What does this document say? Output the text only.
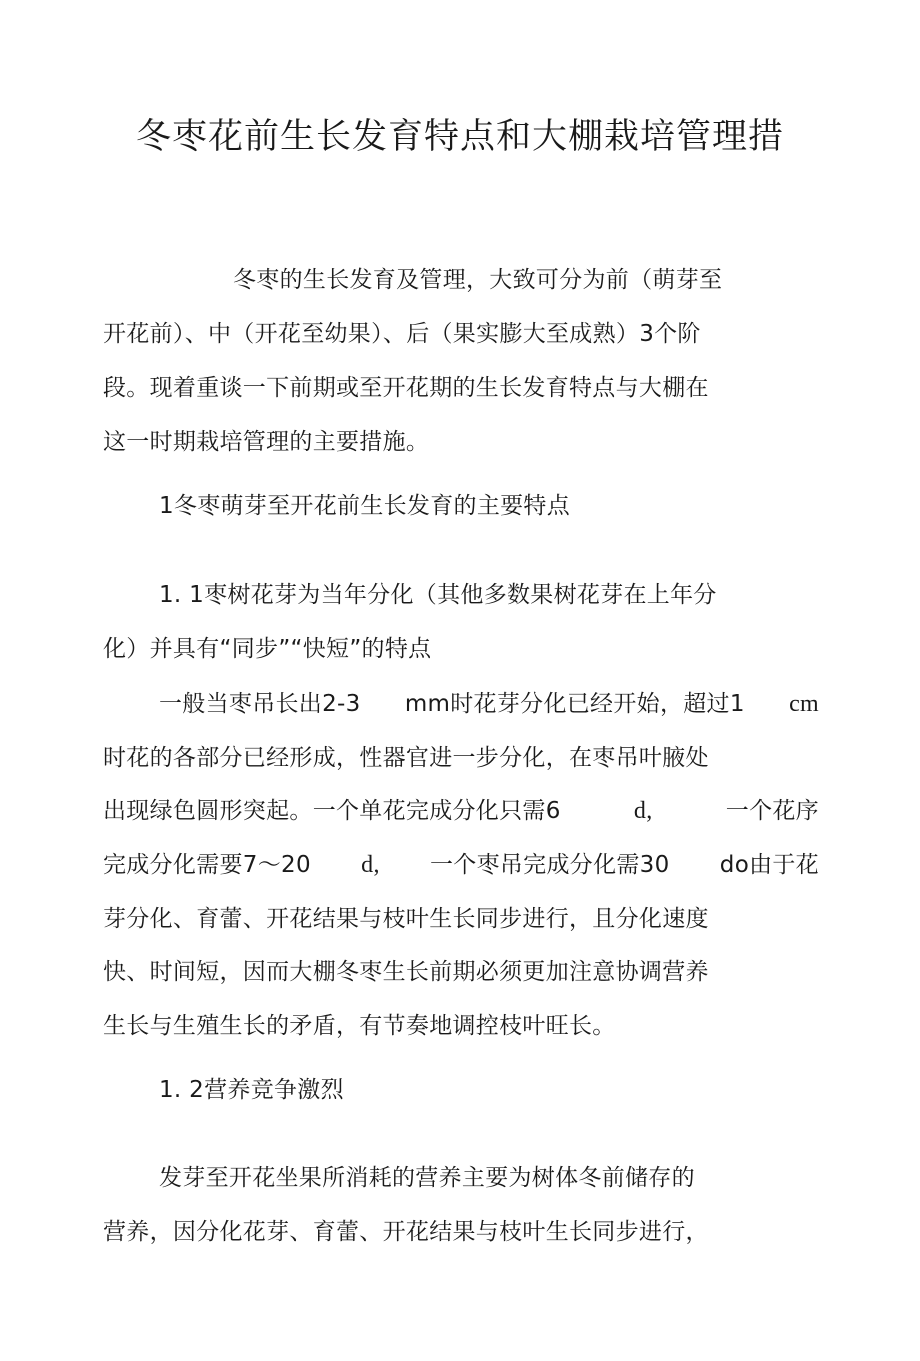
冬枣花前生长发育特点和大棚栽培管理措
冬枣的生长发育及管理，大致可分为前（萌芽至
开花前）、中（开花至幼果）、后（果实膨大至成熟）3个阶
段。现着重谈一下前期或至开花期的生长发育特点与大棚在
这一时期栽培管理的主要措施。
1冬枣萌芽至开花前生长发育的主要特点
1. 1枣树花芽为当年分化（其他多数果树花芽在上年分
化）并具有“同步”“快短”的特点
一般当枣吊长出2-3 mm时花芽分化已经开始，超过1 cm
时花的各部分已经形成，性器官进一步分化，在枣吊叶腋处
出现绿色圆形突起。一个单花完成分化只需6	d,	一个花序
完成分化需要7～20 d, 一个枣吊完成分化需30 do由于花
芽分化、育蕾、开花结果与枝叶生长同步进行，且分化速度
快、时间短，因而大棚冬枣生长前期必须更加注意协调营养
生长与生殖生长的矛盾，有节奏地调控枝叶旺长。
1. 2营养竞争激烈
发芽至开花坐果所消耗的营养主要为树体冬前储存的
营养，因分化花芽、育蕾、开花结果与枝叶生长同步进行，
